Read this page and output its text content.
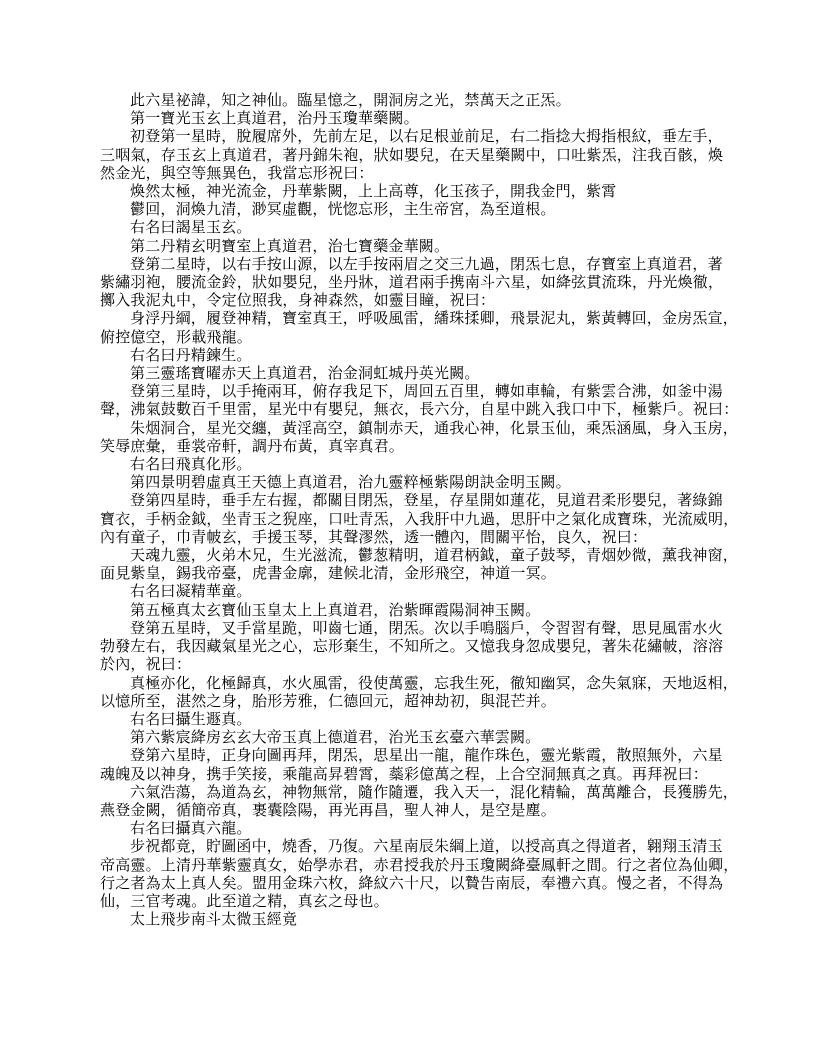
此六星祕諱，知之神仙。臨星憶之，開洞房之光，禁萬天之正炁。
第一寶光玉玄上真道君，治丹玉瓊華藥闕。
初登第一星時，脫履席外，先前左足，以右足根並前足，右二指捻大拇指根紋，垂左手，
三咽氣，存玉玄上真道君，著丹錦朱袍，狀如嬰兒，在天星藥闕中，口吐紫炁，注我百骸，煥
然金光，與空等無異色，我當忘形祝曰：
煥然太極，神光流金，丹華紫闕，上上高尊，化玉孩子，開我金門，紫霄
鬱回，洞煥九清，渺冥虛觀，恍惚忘形，主生帝宮，為至道根。
右名曰謁星玉玄。
第二丹精玄明寶室上真道君，治七寶藥金華闕。
登第二星時，以右手按山源，以左手按兩眉之交三九過，閉炁七息，存寶室上真道君，著
紫繡羽袍，腰流金鈴，狀如嬰兒，坐丹牀，道君兩手携南斗六星，如絳弦貫流珠，丹光煥徹，
擲入我泥丸中，令定位照我，身神森然，如靈目瞳，祝曰：
身浮丹綱，履登神精，寶室真王，呼吸風雷，繙珠揉卿，飛景泥丸，紫黃轉回，金房炁宣，
俯控億空，形載飛龍。
右名曰丹精鍊生。
第三靈瑤寶曜赤天上真道君，治金洞虹城丹英光闕。
登第三星時，以手掩兩耳，俯存我足下，周回五百里，轉如車輪，有紫雲合沸，如釜中湯
聲，沸氣鼓數百千里雷，星光中有嬰兒，無衣，長六分，自星中跳入我口中下，極紫戶。祝曰：
朱烟洞合，星光交纏，黃淫高空，鎮制赤天，通我心神，化景玉仙，乘炁涵風，身入玉房，
笑辱庶彙，垂裳帝軒，調丹布黃，真宰真君。
右名曰飛真化形。
第四景明碧虛真王天德上真道君，治九靈粹極紫陽朗訣金明玉闕。
登第四星時，垂手左右握，都關目閉炁，登星，存星開如蓮花，見道君柔形嬰兒，著綠錦
寶衣，手柄金鉞，坐青玉之猊座，口吐青炁，入我肝中九過，思肝中之氣化成寶珠，光流威明，
內有童子，巾青帔玄，手援玉琴，其聲漻然，透一體內，間關平怡，良久，祝曰：
天魂九靈，火弟木兄，生光滋流，鬱葱精明，道君柄鉞，童子鼓琴，青烟妙微，薰我神窗，
面見紫皇，錫我帝臺，虎書金廓，建候北清，金形飛空，神道一冥。
右名曰凝精華童。
第五極真太玄寶仙玉皇太上上真道君，治紫暉霞陽洞神玉闕。
登第五星時，叉手當星跪，叩齒七通，閉炁。次以手鳴腦戶，令習習有聲，思見風雷水火
勃發左右，我因藏氣星光之心，忘形棄生，不知所之。又憶我身忽成嬰兒，著朱花繡帔，溶溶
於內，祝曰：
真極亦化，化極歸真，水火風雷，役使萬靈，忘我生死，徹知幽冥，念失氣寐，天地返相，
以憶所至，湛然之身，胎形芳雅，仁德回元，超神劫初，與混芒并。
右名曰攝生遯真。
第六紫宸絳房玄玄大帝玉真上德道君，治光玉玄臺六華雲闕。
登第六星時，正身向圖再拜，閉炁，思星出一龍，龍作珠色，靈光紫霞，散照無外，六星
魂魄及以神身，携手笑接，乘龍高昇碧霄，蘂彩億萬之程，上合空洞無真之真。再拜祝曰：
六氣浩蕩，為道為玄，神物無常，隨作隨遷，我入天一，混化精輪，萬萬離合，長獲勝先，
燕登金闕，循簡帝真，裹囊陰陽，再光再昌，聖人神人，是空是塵。
右名曰攝真六龍。
步祝都竟，貯圖函中，燒香，乃復。六星南辰朱綱上道，以授高真之得道者，翱翔玉清玉
帝高靈。上清丹華紫靈真女，始學赤君，赤君授我於丹玉瓊闕絳臺鳳軒之間。行之者位為仙卿，
行之者為太上真人矣。盟用金珠六枚，絳紋六十尺，以贄告南辰，奉禮六真。慢之者，不得為
仙，三官考魂。此至道之精，真玄之母也。
太上飛步南斗太微玉經竟
